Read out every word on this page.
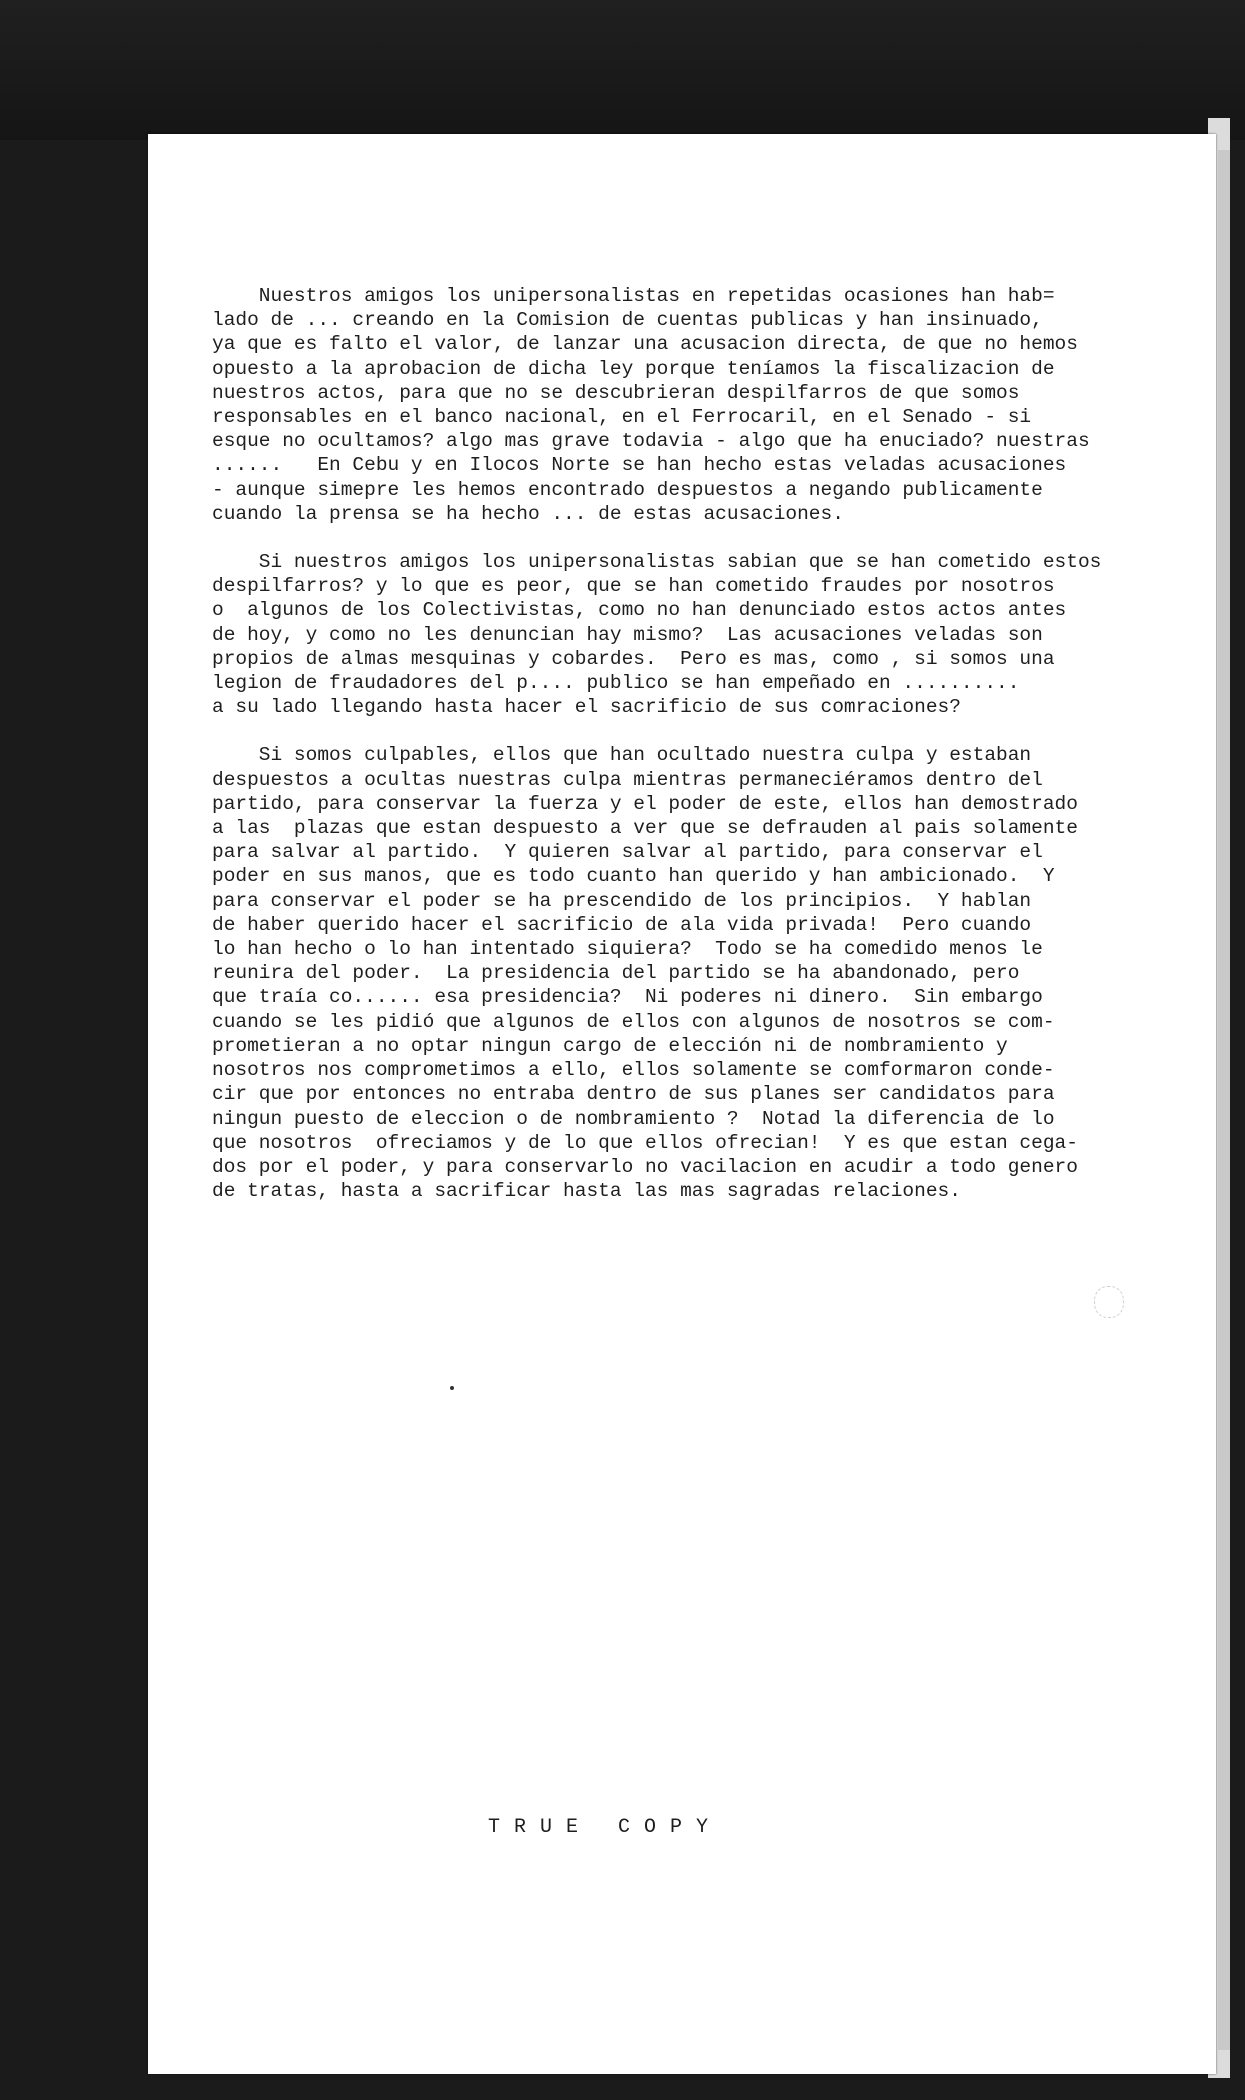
Nuestros amigos los unipersonalistas en repetidas ocasiones han hab=
lado de ... creando en la Comision de cuentas publicas y han insinuado,
ya que es falto el valor, de lanzar una acusacion directa, de que no hemos
opuesto a la aprobacion de dicha ley porque teníamos la fiscalizacion de
nuestros actos, para que no se descubrieran despilfarros de que somos
responsables en el banco nacional, en el Ferrocaril, en el Senado - si
esque no ocultamos? algo mas grave todavia - algo que ha enuciado? nuestras
......   En Cebu y en Ilocos Norte se han hecho estas veladas acusaciones
- aunque simepre les hemos encontrado despuestos a negando publicamente
cuando la prensa se ha hecho ... de estas acusaciones.
Si nuestros amigos los unipersonalistas sabian que se han cometido estos
despilfarros? y lo que es peor, que se han cometido fraudes por nosotros
o  algunos de los Colectivistas, como no han denunciado estos actos antes
de hoy, y como no les denuncian hay mismo?  Las acusaciones veladas son
propios de almas mesquinas y cobardes.  Pero es mas, como , si somos una
legion de fraudadores del p.... publico se han empeñado en ..........
a su lado llegando hasta hacer el sacrificio de sus comraciones?
Si somos culpables, ellos que han ocultado nuestra culpa y estaban
despuestos a ocultas nuestras culpa mientras permaneciéramos dentro del
partido, para conservar la fuerza y el poder de este, ellos han demostrado
a las  plazas que estan despuesto a ver que se defrauden al pais solamente
para salvar al partido.  Y quieren salvar al partido, para conservar el
poder en sus manos, que es todo cuanto han querido y han ambicionado.  Y
para conservar el poder se ha prescendido de los principios.  Y hablan
de haber querido hacer el sacrificio de ala vida privada!  Pero cuando
lo han hecho o lo han intentado siquiera?  Todo se ha comedido menos le
reunira del poder.  La presidencia del partido se ha abandonado, pero
que traía co...... esa presidencia?  Ni poderes ni dinero.  Sin embargo
cuando se les pidió que algunos de ellos con algunos de nosotros se com-
prometieran a no optar ningun cargo de elección ni de nombramiento y
nosotros nos comprometimos a ello, ellos solamente se comformaron conde-
cir que por entonces no entraba dentro de sus planes ser candidatos para
ningun puesto de eleccion o de nombramiento ?  Notad la diferencia de lo
que nosotros  ofreciamos y de lo que ellos ofrecian!  Y es que estan cega-
dos por el poder, y para conservarlo no vacilacion en acudir a todo genero
de tratas, hasta a sacrificar hasta las mas sagradas relaciones.
TRUE COPY
